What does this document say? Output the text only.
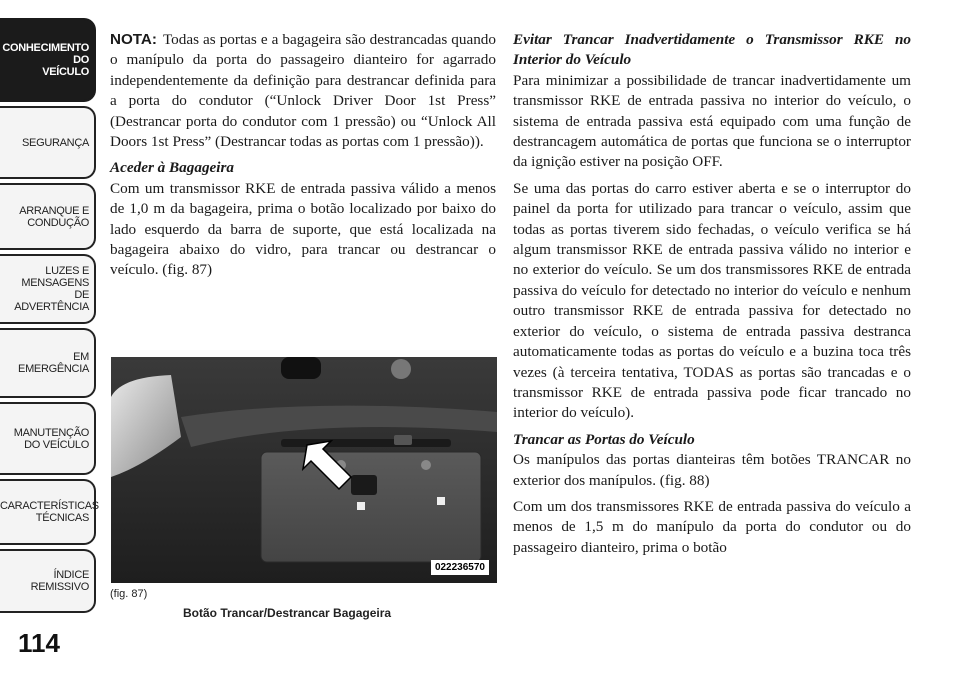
CONHECIMENTO
DO
VEÍCULO
SEGURANÇA
ARRANQUE E
CONDUÇÃO
LUZES E
MENSAGENS
DE
ADVERTÊNCIA
EM
EMERGÊNCIA
MANUTENÇÃO
DO VEÍCULO
CARACTERÍSTICAS
TÉCNICAS
ÍNDICE
REMISSIVO
114

NOTA: Todas as portas e a bagageira são destrancadas quando o manípulo da porta do passageiro dianteiro for agarrado independentemente da definição para destrancar definida para a porta do condutor (“Unlock Driver Door 1st Press” (Destrancar porta do condutor com 1 pressão) ou “Unlock All Doors 1st Press” (Destrancar todas as portas com 1 pressão)).

Aceder à Bagageira

Com um transmissor RKE de entrada passiva válido a menos de 1,0 m da bagageira, prima o botão localizado por baixo do lado esquerdo da barra de suporte, que está localizada na bagageira abaixo do vidro, para trancar ou destrancar o veículo. (fig. 87)

022236570
(fig. 87)
Botão Trancar/Destrancar Bagageira
Evitar Trancar Inadvertidamente o Transmissor RKE no Interior do Veículo

Para minimizar a possibilidade de trancar inadvertidamente um transmissor RKE de entrada passiva no interior do veículo, o sistema de entrada passiva está equipado com uma função de destrancagem automática de portas que funciona se o interruptor da ignição estiver na posição OFF.

Se uma das portas do carro estiver aberta e se o interruptor do painel da porta for utilizado para trancar o veículo, assim que todas as portas tiverem sido fechadas, o veículo verifica se há algum transmissor RKE de entrada passiva válido no interior e no exterior do veículo. Se um dos transmissores RKE de entrada passiva do veículo for detectado no interior do veículo e nenhum outro transmissor RKE de entrada passiva for detectado no exterior do veículo, o sistema de entrada passiva destranca automaticamente todas as portas do veículo e a buzina toca três vezes (à terceira tentativa, TODAS as portas são trancadas e o transmissor RKE de entrada passiva pode ficar trancado no interior do veículo).

Trancar as Portas do Veículo

Os manípulos das portas dianteiras têm botões TRANCAR no exterior dos manípulos. (fig. 88)

Com um dos transmissores RKE de entrada passiva do veículo a menos de 1,5 m do manípulo da porta do condutor ou do passageiro dianteiro, prima o botão
